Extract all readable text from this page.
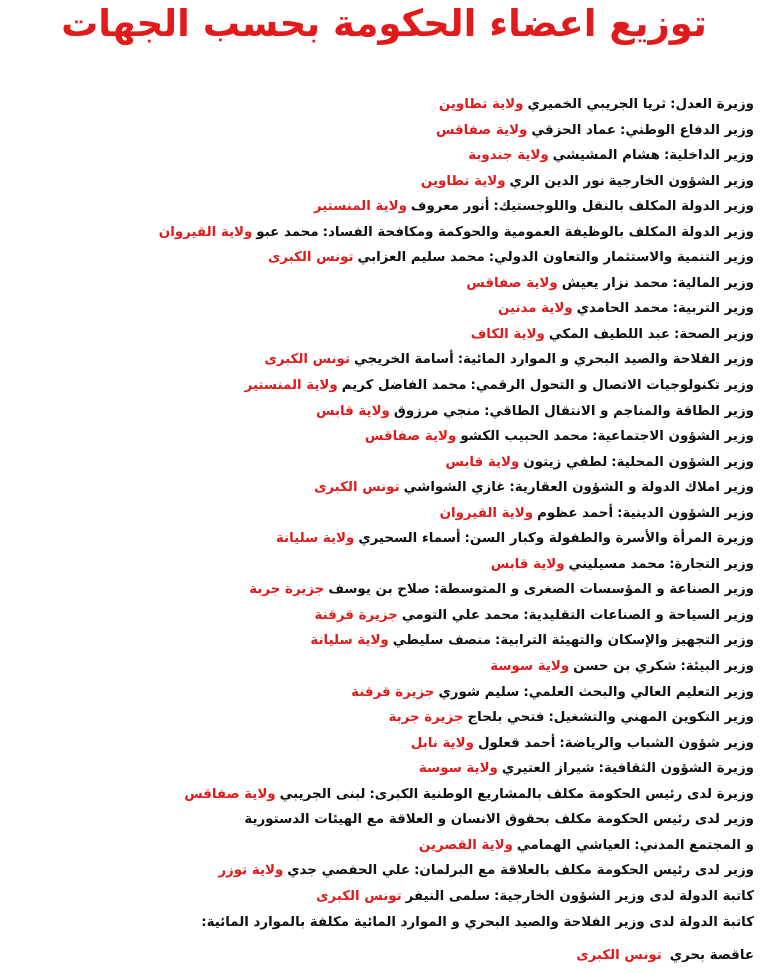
توزيع اعضاء الحكومة بحسب الجهات
وزيرة العدل:ثريا الجريبي الخميريولاية تطاوين
وزير الدفاع الوطني:عماد الحزقيولاية صفاقس
وزير الداخلية:هشام المشيشيولاية جندوبة
وزير الشؤون الخارجيةنور الدين الريولاية تطاوين
وزير الدولة المكلف بالنقل واللوجستيك:أنور معروفولاية المنستير
وزير الدولة المكلف بالوظيفة العمومية والحوكمة ومكافحة الفساد:محمد عبوولاية القيروان
وزير التنمية والاستثمار والتعاون الدولي:محمد سليم العزابيتونس الكبرى
وزير المالية:محمد نزار يعيشولاية صفاقس
وزير التربية:محمد الحامديولاية مدنين
وزير الصحة:عبد اللطيف المكيولاية الكاف
وزير الفلاحة والصيد البحري و الموارد المائية:أسامة الخريجيتونس الكبرى
وزير تكنولوجيات الاتصال و التحول الرقمي:محمد الفاضل كريمولاية المنستير
وزير الطاقة والمناجم و الانتقال الطاقي:منجي مرزوقولاية قابس
وزير الشؤون الاجتماعية:محمد الحبيب الكشوولاية صفاقس
وزير الشؤون المحلية:لطفي زيتونولاية قابس
وزير املاك الدولة و الشؤون العقارية:غازي الشواشيتونس الكبرى
وزير الشؤون الدينية:أحمد عظومولاية القيروان
وزيرة المرأة والأسرة والطفولة وكبار السن:أسماء السحيريولاية سليانة
وزير التجارة:محمد مسيلينيولاية قابس
وزير الصناعة و المؤسسات الصغرى و المتوسطة:صلاح بن يوسفجزيرة جربة
وزير السياحة و الصناعات التقليدية:محمد علي التوميجزيرة قرقنة
وزير التجهيز والإسكان والتهيئة الترابية:منصف سليطيولاية سليانة
وزير البيئة:شكري بن حسنولاية سوسة
وزير التعليم العالي والبحث العلمي:سليم شوريجزيرة قرقنة
وزير التكوين المهني والتشغيل:فتحي بلحاججزيرة جربة
وزير شؤون الشباب والرياضة:أحمد قعلولولاية نابل
وزيرة الشؤون الثقافية:شيراز العتيريولاية سوسة
وزيرة لدى رئيس الحكومة مكلف بالمشاريع الوطنية الكبرى:لبنى الجريبيولاية صفاقس
وزير لدى رئيس الحكومة مكلف بحقوق الانسان و العلاقة مع الهيئات الدستورية
و المجتمع المدني:العياشي الهماميولاية القصرين
وزير لدى رئيس الحكومة مكلف بالعلاقة مع البرلمان:علي الحفصي جديولاية توزر
كاتبة الدولة لدى وزير الشؤون الخارجية:سلمى النيفرتونس الكبرى
كاتبة الدولة لدى وزير الفلاحة والصيد البحري و الموارد المائية مكلفة بالموارد المائية:
عاقصة بحريتونس الكبرى
